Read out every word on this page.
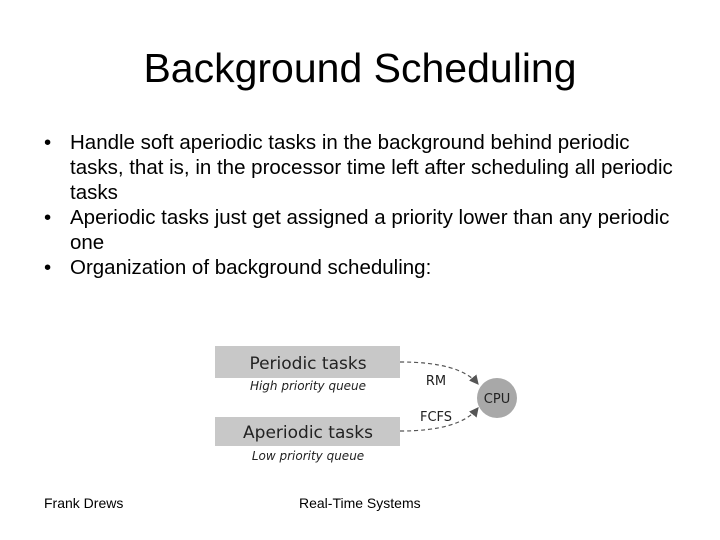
Background Scheduling
• Handle soft aperiodic tasks in the background behind periodic tasks, that is, in the processor time left after scheduling all periodic tasks
• Aperiodic tasks just get assigned a priority lower than any periodic one
• Organization of background scheduling:
Periodic tasks
High priority queue
Aperiodic tasks
Low priority queue
RM
FCFS
CPU
Frank Drews	Real-Time Systems
